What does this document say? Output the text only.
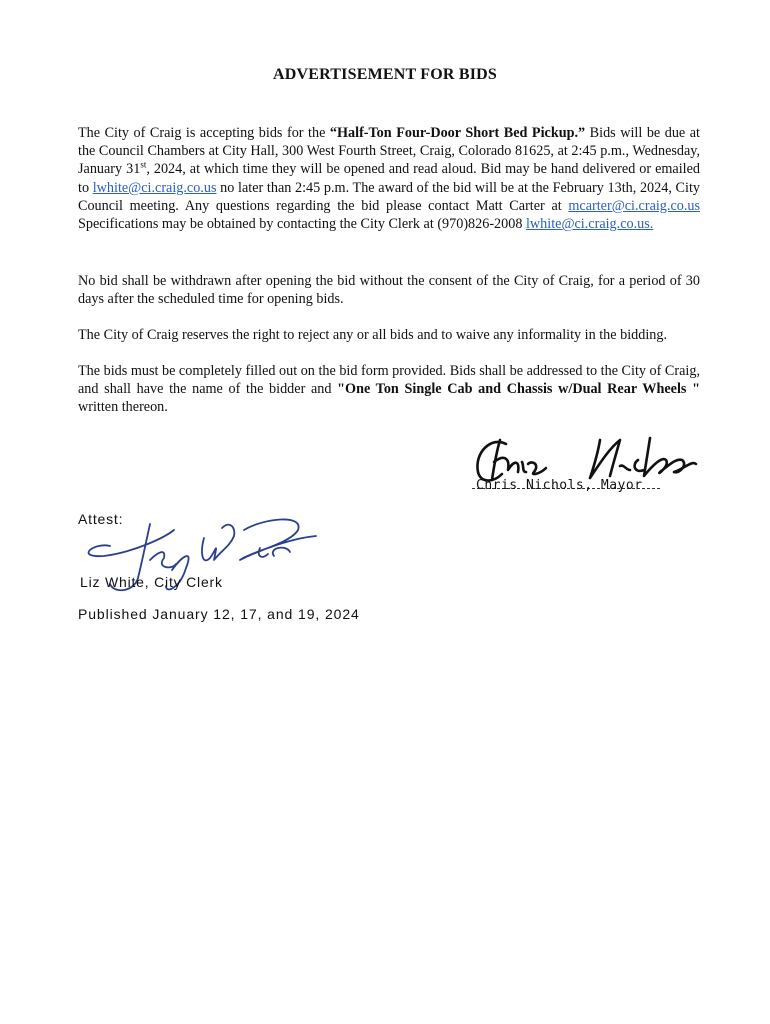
ADVERTISEMENT FOR BIDS
The City of Craig is accepting bids for the “Half-Ton Four-Door Short Bed Pickup.” Bids will be due at the Council Chambers at City Hall, 300 West Fourth Street, Craig, Colorado 81625, at 2:45 p.m., Wednesday, January 31st, 2024, at which time they will be opened and read aloud. Bid may be hand delivered or emailed to lwhite@ci.craig.co.us no later than 2:45 p.m. The award of the bid will be at the February 13th, 2024, City Council meeting. Any questions regarding the bid please contact Matt Carter at mcarter@ci.craig.co.us Specifications may be obtained by contacting the City Clerk at (970)826-2008 lwhite@ci.craig.co.us.
No bid shall be withdrawn after opening the bid without the consent of the City of Craig, for a period of 30 days after the scheduled time for opening bids.
The City of Craig reserves the right to reject any or all bids and to waive any informality in the bidding.
The bids must be completely filled out on the bid form provided. Bids shall be addressed to the City of Craig, and shall have the name of the bidder and "One Ton Single Cab and Chassis w/Dual Rear Wheels " written thereon.
Chris Nichols, Mayor
Attest:
Liz White, City Clerk
Published January 12, 17, and 19, 2024
